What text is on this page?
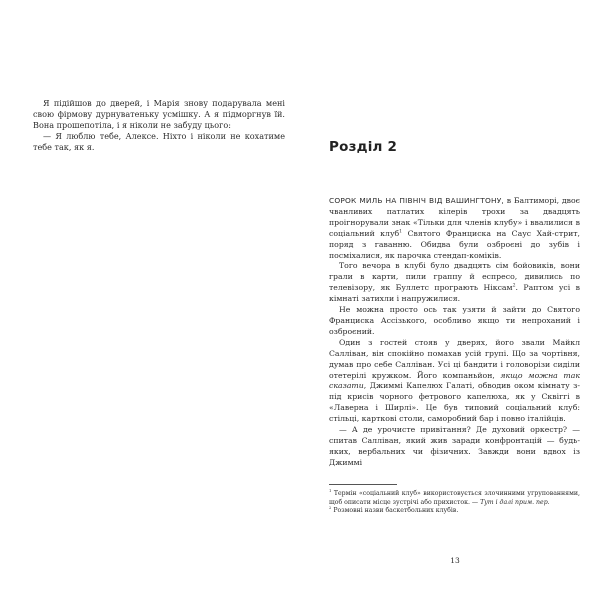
Я підійшов до дверей, і Марія знову подарувала мені свою фірмову дурнуватеньку усмішку. А я підморгнув їй. Вона прошепотіла, і я ніколи не забуду цього:

— Я люблю тебе, Алексе. Ніхто і ніколи не кохатиме тебе так, як я.	Розділ 2

СОРОК МИЛЬ НА ПІВНІЧ ВІД ВАШИНГТОНУ, в Балтиморі, двоє чванливих патлатих кілерів трохи за двадцять проігнорували знак «Тільки для членів клубу» і ввалилися в соціальний клуб$^1$ Святого Франциска на Саус Хай-стрит, поряд з гаванню. Обидва були озброєні до зубів і посміхалися, як парочка стендап-коміків.

Того вечора в клубі було двадцять сім бойовиків, вони грали в карти, пили граппу й еспресо, дивились по телевізору, як Буллетс програють Ніксам$^2$. Раптом усі в кімнаті затихли і напружилися.

Не можна просто ось так узяти й зайти до Святого Франциска Ассізького, особливо якщо ти непроханий і озброєний.

Один з гостей стояв у дверях, його звали Майкл Салліван, він спокійно помахав усій групі. Що за чортівня, думав про себе Салліван. Усі ці бандити і головорізи сиділи отетерілі кружком. Його компаньйон, якщо можна так сказати, Джиммі Капелюх Галаті, обводив оком кімнату з-під крисів чорного фетрового капелюха, як у Сквіггі в «Лаверна і Ширлі». Це був типовий соціальний клуб: стільці, карткові столи, саморобний бар і повно італійців.

— А де урочисте привітання? Де духовий оркестр? — спитав Салліван, який жив заради конфронтацій — будь-яких, вербальних чи фізичних. Завжди вони вдвох із Джиммі

$^1$ Термін «соціальний клуб» використовується злочинними угрупованнями, щоб описати місце зустрічі або прихисток. — Тут і далі прим. пер.

$^2$ Розмовні назви баскетбольних клубів.

13
